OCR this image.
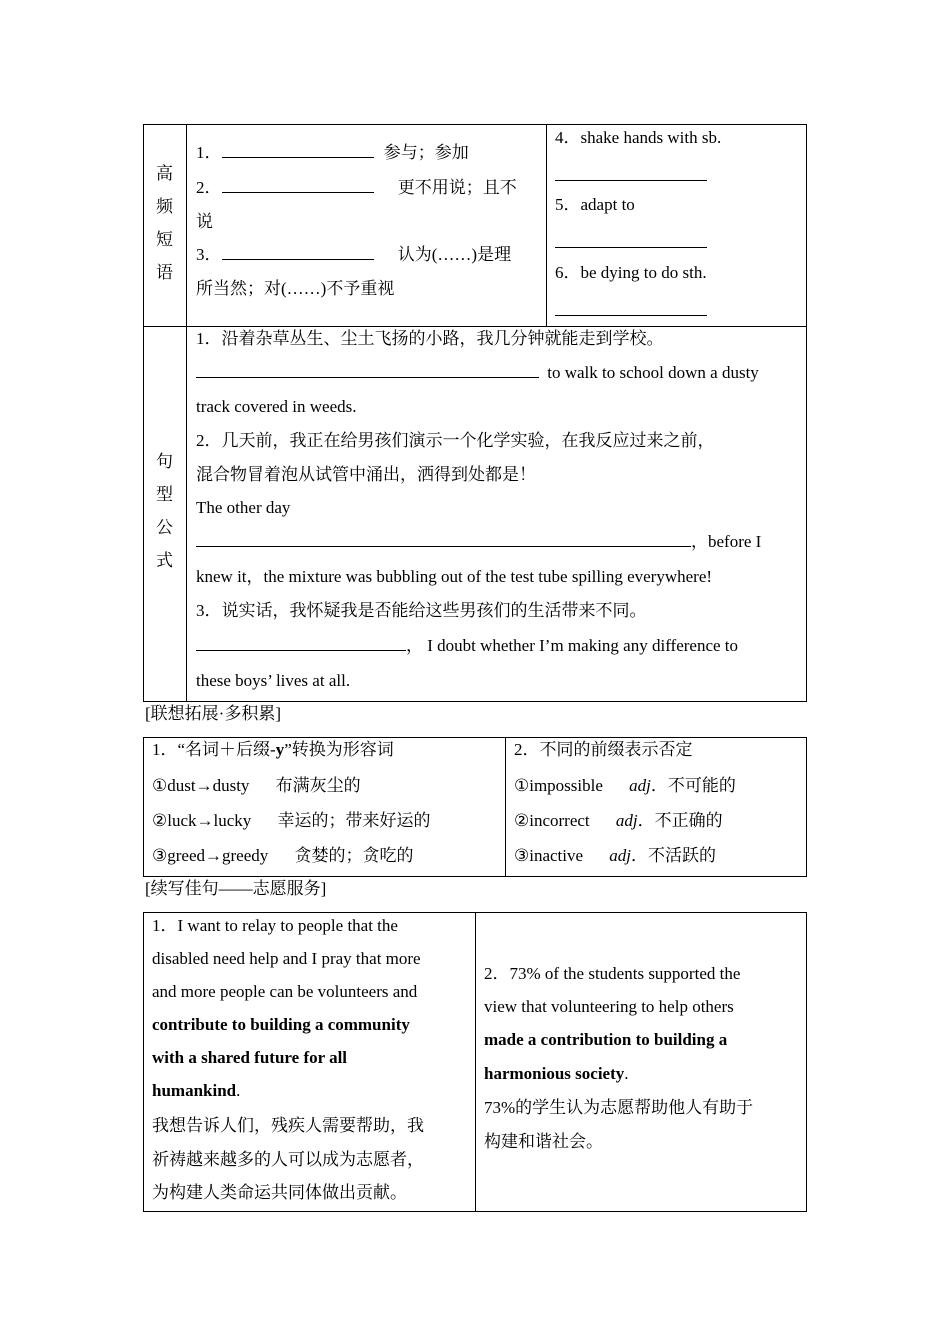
高
频
短
语
1．	参与；参加
2．	更不用说；且不
说
3．	认为(……)是理
所当然；对(……)不予重视
4．shake hands with sb.
5．adapt to
6．be dying to do sth.
句
型
公
式
1．沿着杂草丛生、尘土飞扬的小路，我几分钟就能走到学校。
to walk to school down a dusty
track covered in weeds.
2．几天前，我正在给男孩们演示一个化学实验，在我反应过来之前，
混合物冒着泡从试管中涌出，洒得到处都是！
The other day
，before I
knew it，the mixture was bubbling out of the test tube spilling everywhere!
3．说实话，我怀疑我是否能给这些男孩们的生活带来不同。
， I doubt whether I’m making any difference to
these boys’ lives at all.
[联想拓展·多积累]
1．“名词＋后缀-y”转换为形容词
①dust→dusty 布满灰尘的
②luck→lucky 幸运的；带来好运的
③greed→greedy 贪婪的；贪吃的
2．不同的前缀表示否定
①impossible adj．不可能的
②incorrect adj．不正确的
③inactive adj．不活跃的
[续写佳句——志愿服务]
1．I want to relay to people that the
disabled need help and I pray that more
and more people can be volunteers and
contribute to building a community
with a shared future for all
humankind.
我想告诉人们，残疾人需要帮助，我
祈祷越来越多的人可以成为志愿者，
为构建人类命运共同体做出贡献。
2．73% of the students supported the
view that volunteering to help others
made a contribution to building a
harmonious society.
73%的学生认为志愿帮助他人有助于
构建和谐社会。
